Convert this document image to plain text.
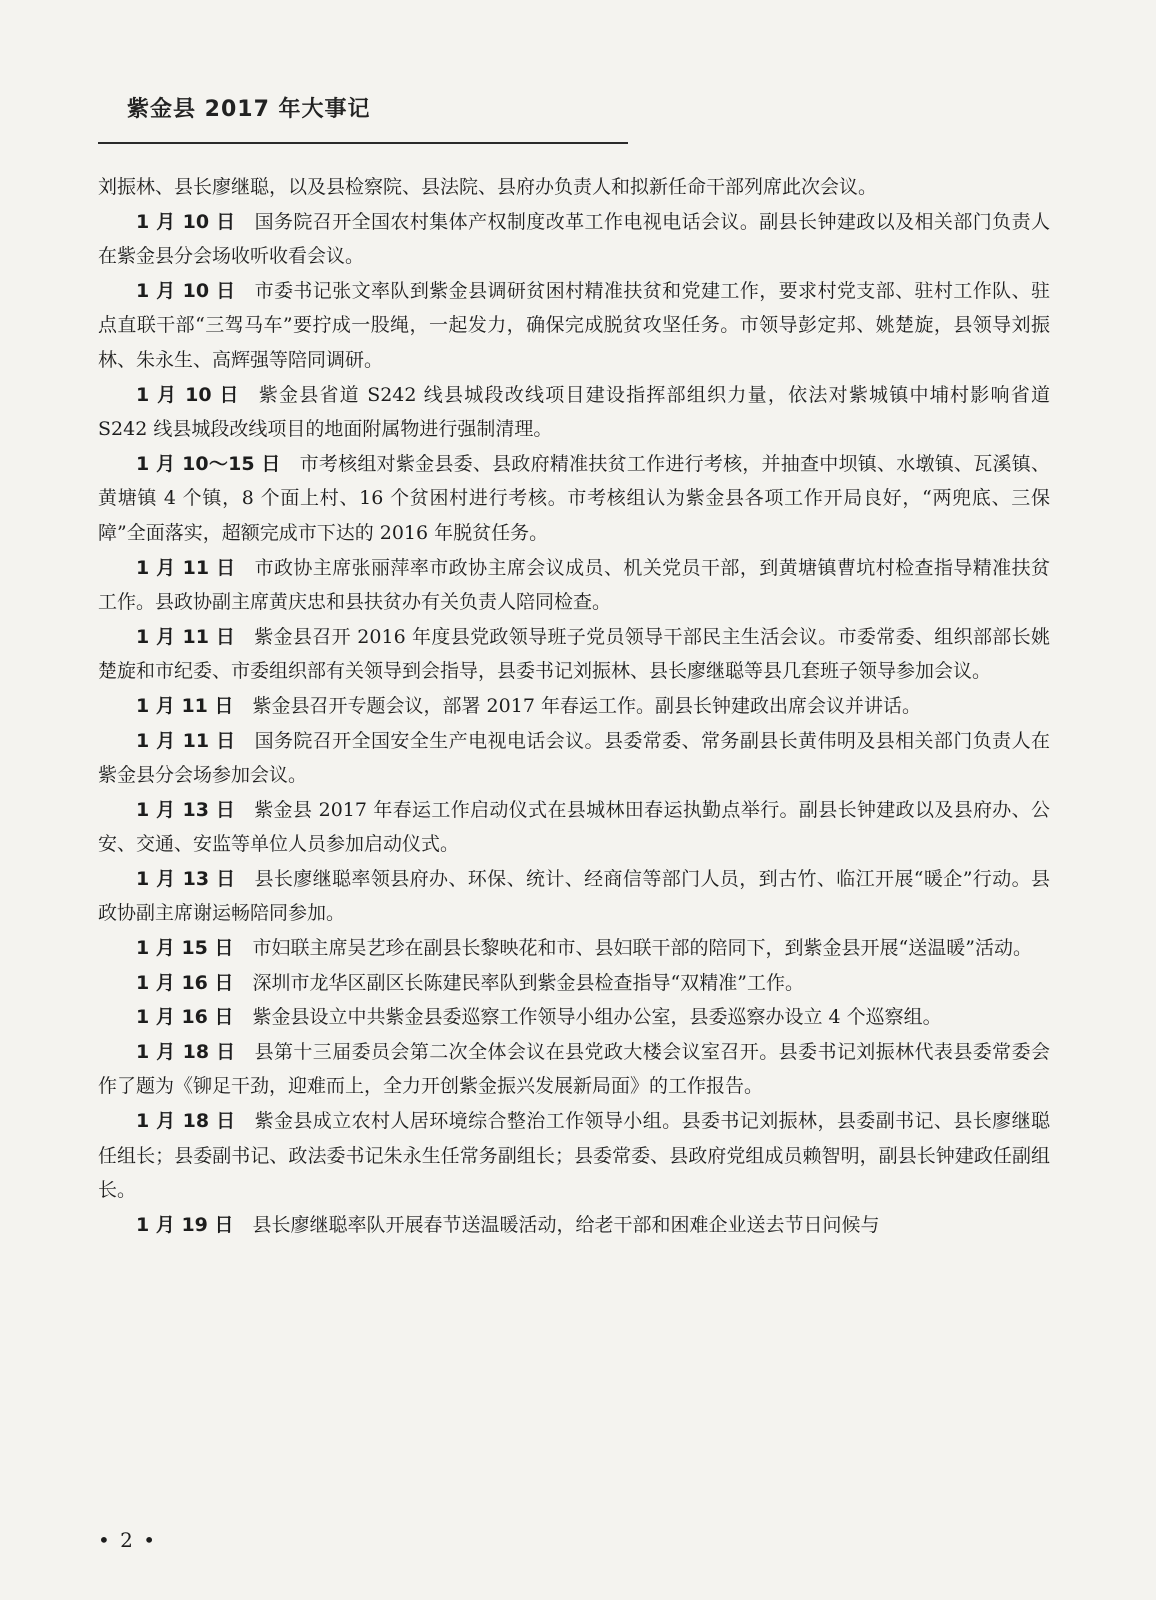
紫金县 2017 年大事记

刘振林、县长廖继聪，以及县检察院、县法院、县府办负责人和拟新任命干部列席此次会议。

1 月 10 日 国务院召开全国农村集体产权制度改革工作电视电话会议。副县长钟建政以及相关部门负责人在紫金县分会场收听收看会议。

1 月 10 日 市委书记张文率队到紫金县调研贫困村精准扶贫和党建工作，要求村党支部、驻村工作队、驻点直联干部“三驾马车”要拧成一股绳，一起发力，确保完成脱贫攻坚任务。市领导彭定邦、姚楚旋，县领导刘振林、朱永生、高辉强等陪同调研。

1 月 10 日 紫金县省道 S242 线县城段改线项目建设指挥部组织力量，依法对紫城镇中埔村影响省道 S242 线县城段改线项目的地面附属物进行强制清理。

1 月 10～15 日 市考核组对紫金县委、县政府精准扶贫工作进行考核，并抽查中坝镇、水墩镇、瓦溪镇、黄塘镇 4 个镇，8 个面上村、16 个贫困村进行考核。市考核组认为紫金县各项工作开局良好，“两兜底、三保障”全面落实，超额完成市下达的 2016 年脱贫任务。

1 月 11 日 市政协主席张丽萍率市政协主席会议成员、机关党员干部，到黄塘镇曹坑村检查指导精准扶贫工作。县政协副主席黄庆忠和县扶贫办有关负责人陪同检查。

1 月 11 日 紫金县召开 2016 年度县党政领导班子党员领导干部民主生活会议。市委常委、组织部部长姚楚旋和市纪委、市委组织部有关领导到会指导，县委书记刘振林、县长廖继聪等县几套班子领导参加会议。

1 月 11 日 紫金县召开专题会议，部署 2017 年春运工作。副县长钟建政出席会议并讲话。

1 月 11 日 国务院召开全国安全生产电视电话会议。县委常委、常务副县长黄伟明及县相关部门负责人在紫金县分会场参加会议。

1 月 13 日 紫金县 2017 年春运工作启动仪式在县城林田春运执勤点举行。副县长钟建政以及县府办、公安、交通、安监等单位人员参加启动仪式。

1 月 13 日 县长廖继聪率领县府办、环保、统计、经商信等部门人员，到古竹、临江开展“暖企”行动。县政协副主席谢运畅陪同参加。

1 月 15 日 市妇联主席吴艺珍在副县长黎映花和市、县妇联干部的陪同下，到紫金县开展“送温暖”活动。

1 月 16 日 深圳市龙华区副区长陈建民率队到紫金县检查指导“双精准”工作。

1 月 16 日 紫金县设立中共紫金县委巡察工作领导小组办公室，县委巡察办设立 4 个巡察组。

1 月 18 日 县第十三届委员会第二次全体会议在县党政大楼会议室召开。县委书记刘振林代表县委常委会作了题为《铆足干劲，迎难而上，全力开创紫金振兴发展新局面》的工作报告。

1 月 18 日 紫金县成立农村人居环境综合整治工作领导小组。县委书记刘振林，县委副书记、县长廖继聪任组长；县委副书记、政法委书记朱永生任常务副组长；县委常委、县政府党组成员赖智明，副县长钟建政任副组长。

1 月 19 日 县长廖继聪率队开展春节送温暖活动，给老干部和困难企业送去节日问候与

• 2 •
